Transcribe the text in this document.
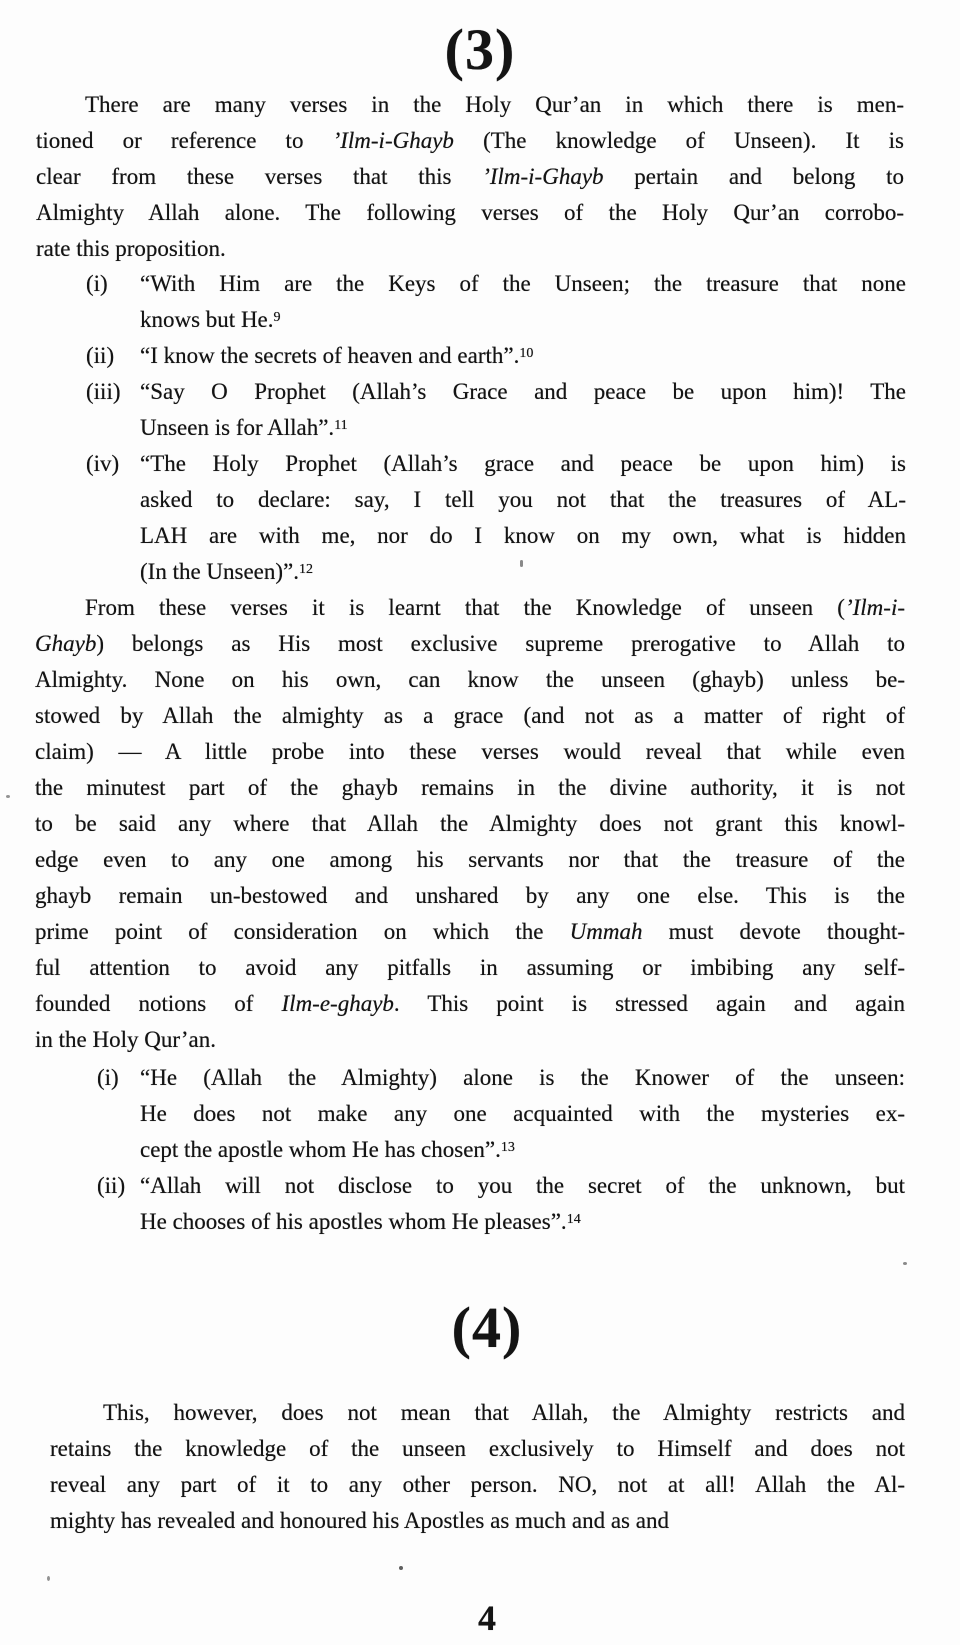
4
(3)
There are many verses in the Holy Qur’an in which there is men-
tioned or reference to ’Ilm-i-Ghayb (The knowledge of Unseen). It is
clear from these verses that this ’Ilm-i-Ghayb pertain and belong to
Almighty Allah alone. The following verses of the Holy Qur’an corrobo-
rate this proposition.
(i) “With Him are the Keys of the Unseen; the treasure that none
knows but He.$^9$
(ii) “I know the secrets of heaven and earth”.$^{10}$
(iii) “Say O Prophet (Allah’s Grace and peace be upon him)! The
Unseen is for Allah”.$^{11}$
(iv) “The Holy Prophet (Allah’s grace and peace be upon him) is
asked to declare: say, I tell you not that the treasures of AL-
LAH are with me, nor do I know on my own, what is hidden
(In the Unseen)”.$^{12}$
From these verses it is learnt that the Knowledge of unseen (’Ilm-i-
Ghayb) belongs as His most exclusive supreme prerogative to Allah to
Almighty. None on his own, can know the unseen (ghayb) unless be-
stowed by Allah the almighty as a grace (and not as a matter of right of
claim) — A little probe into these verses would reveal that while even
the minutest part of the ghayb remains in the divine authority, it is not
to be said any where that Allah the Almighty does not grant this knowl-
edge even to any one among his servants nor that the treasure of the
ghayb remain un-bestowed and unshared by any one else. This is the
prime point of consideration on which the Ummah must devote thought-
ful attention to avoid any pitfalls in assuming or imbibing any self-
founded notions of Ilm-e-ghayb. This point is stressed again and again
in the Holy Qur’an.
(i) “He (Allah the Almighty) alone is the Knower of the unseen:
He does not make any one acquainted with the mysteries ex-
cept the apostle whom He has chosen”.$^{13}$
(ii) “Allah will not disclose to you the secret of the unknown, but
He chooses of his apostles whom He pleases”.$^{14}$
(4)
This, however, does not mean that Allah, the Almighty restricts and
retains the knowledge of the unseen exclusively to Himself and does not
reveal any part of it to any other person. NO, not at all! Allah the Al-
mighty has revealed and honoured his Apostles as much and as and
